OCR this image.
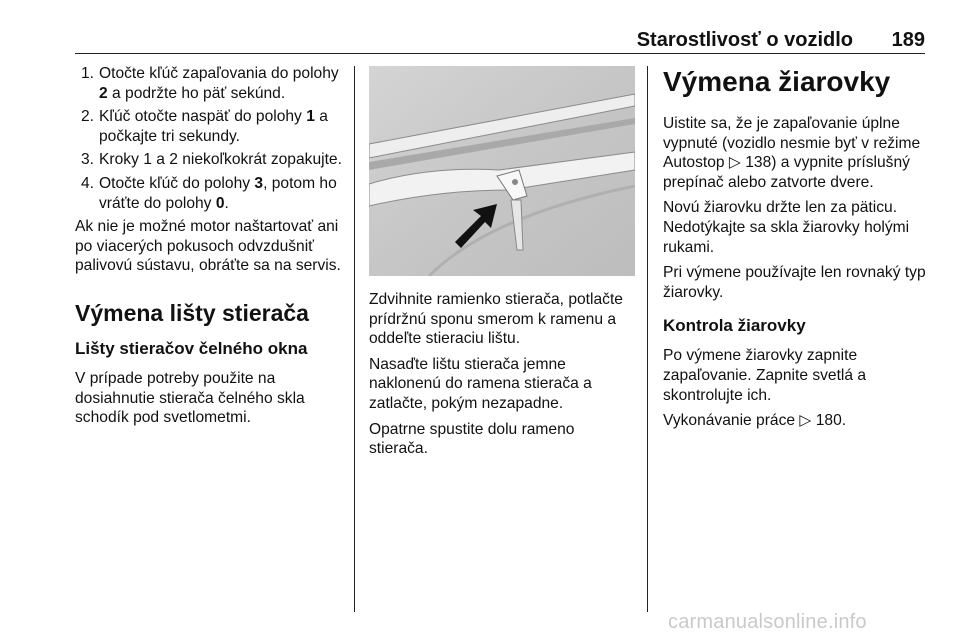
Starostlivosť o vozidlo 189
1. Otočte kľúč zapaľovania do polohy 2 a podržte ho päť sekúnd.
2. Kľúč otočte naspäť do polohy 1 a počkajte tri sekundy.
3. Kroky 1 a 2 niekoľkokrát zopakujte.
4. Otočte kľúč do polohy 3, potom ho vráťte do polohy 0.

Ak nie je možné motor naštartovať ani po viacerých pokusoch odvzdušniť palivovú sústavu, obráťte sa na servis.

Výmena lišty stierača
Lišty stieračov čelného okna

V prípade potreby použite na dosiahnutie stierača čelného skla schodík pod svetlometmi.

Zdvihnite ramienko stierača, potlačte prídržnú sponu smerom k ramenu a oddeľte stieraciu lištu.

Nasaďte lištu stierača jemne naklonenú do ramena stierača a zatlačte, pokým nezapadne.

Opatrne spustite dolu rameno stierača.

Výmena žiarovky

Uistite sa, že je zapaľovanie úplne vypnuté (vozidlo nesmie byť v režime Autostop ▷ 138) a vypnite príslušný prepínač alebo zatvorte dvere.

Novú žiarovku držte len za päticu. Nedotýkajte sa skla žiarovky holými rukami.

Pri výmene používajte len rovnaký typ žiarovky.

Kontrola žiarovky

Po výmene žiarovky zapnite zapaľovanie. Zapnite svetlá a skontrolujte ich.

Vykonávanie práce ▷ 180.

carmanualsonline.info
